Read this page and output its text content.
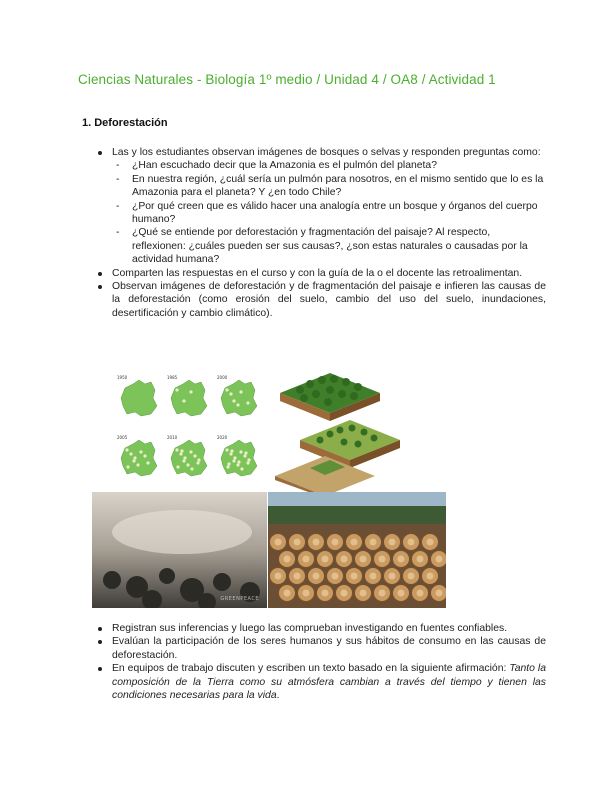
Ciencias Naturales - Biología 1º medio / Unidad 4 / OA8 / Actividad 1
1. Deforestación
Las y los estudiantes observan imágenes de bosques o selvas y responden preguntas como:
- ¿Han escuchado decir que la Amazonia es el pulmón del planeta?
- En nuestra región, ¿cuál sería un pulmón para nosotros, en el mismo sentido que lo es la Amazonia para el planeta? Y ¿en todo Chile?
- ¿Por qué creen que es válido hacer una analogía entre un bosque y órganos del cuerpo humano?
- ¿Qué se entiende por deforestación y fragmentación del paisaje? Al respecto, reflexionen: ¿cuáles pueden ser sus causas?, ¿son estas naturales o causadas por la actividad humana?
Comparten las respuestas en el curso y con la guía de la o el docente las retroalimentan.
Observan imágenes de deforestación y de fragmentación del paisaje e infieren las causas de la deforestación (como erosión del suelo, cambio del uso del suelo, inundaciones, desertificación y cambio climático).
1950	1985	2000
2005	2010	2020
GREENPEACE
Registran sus inferencias y luego las comprueban investigando en fuentes confiables.
Evalúan la participación de los seres humanos y sus hábitos de consumo en las causas de deforestación.
En equipos de trabajo discuten y escriben un texto basado en la siguiente afirmación: Tanto la composición de la Tierra como su atmósfera cambian a través del tiempo y tienen las condiciones necesarias para la vida.
